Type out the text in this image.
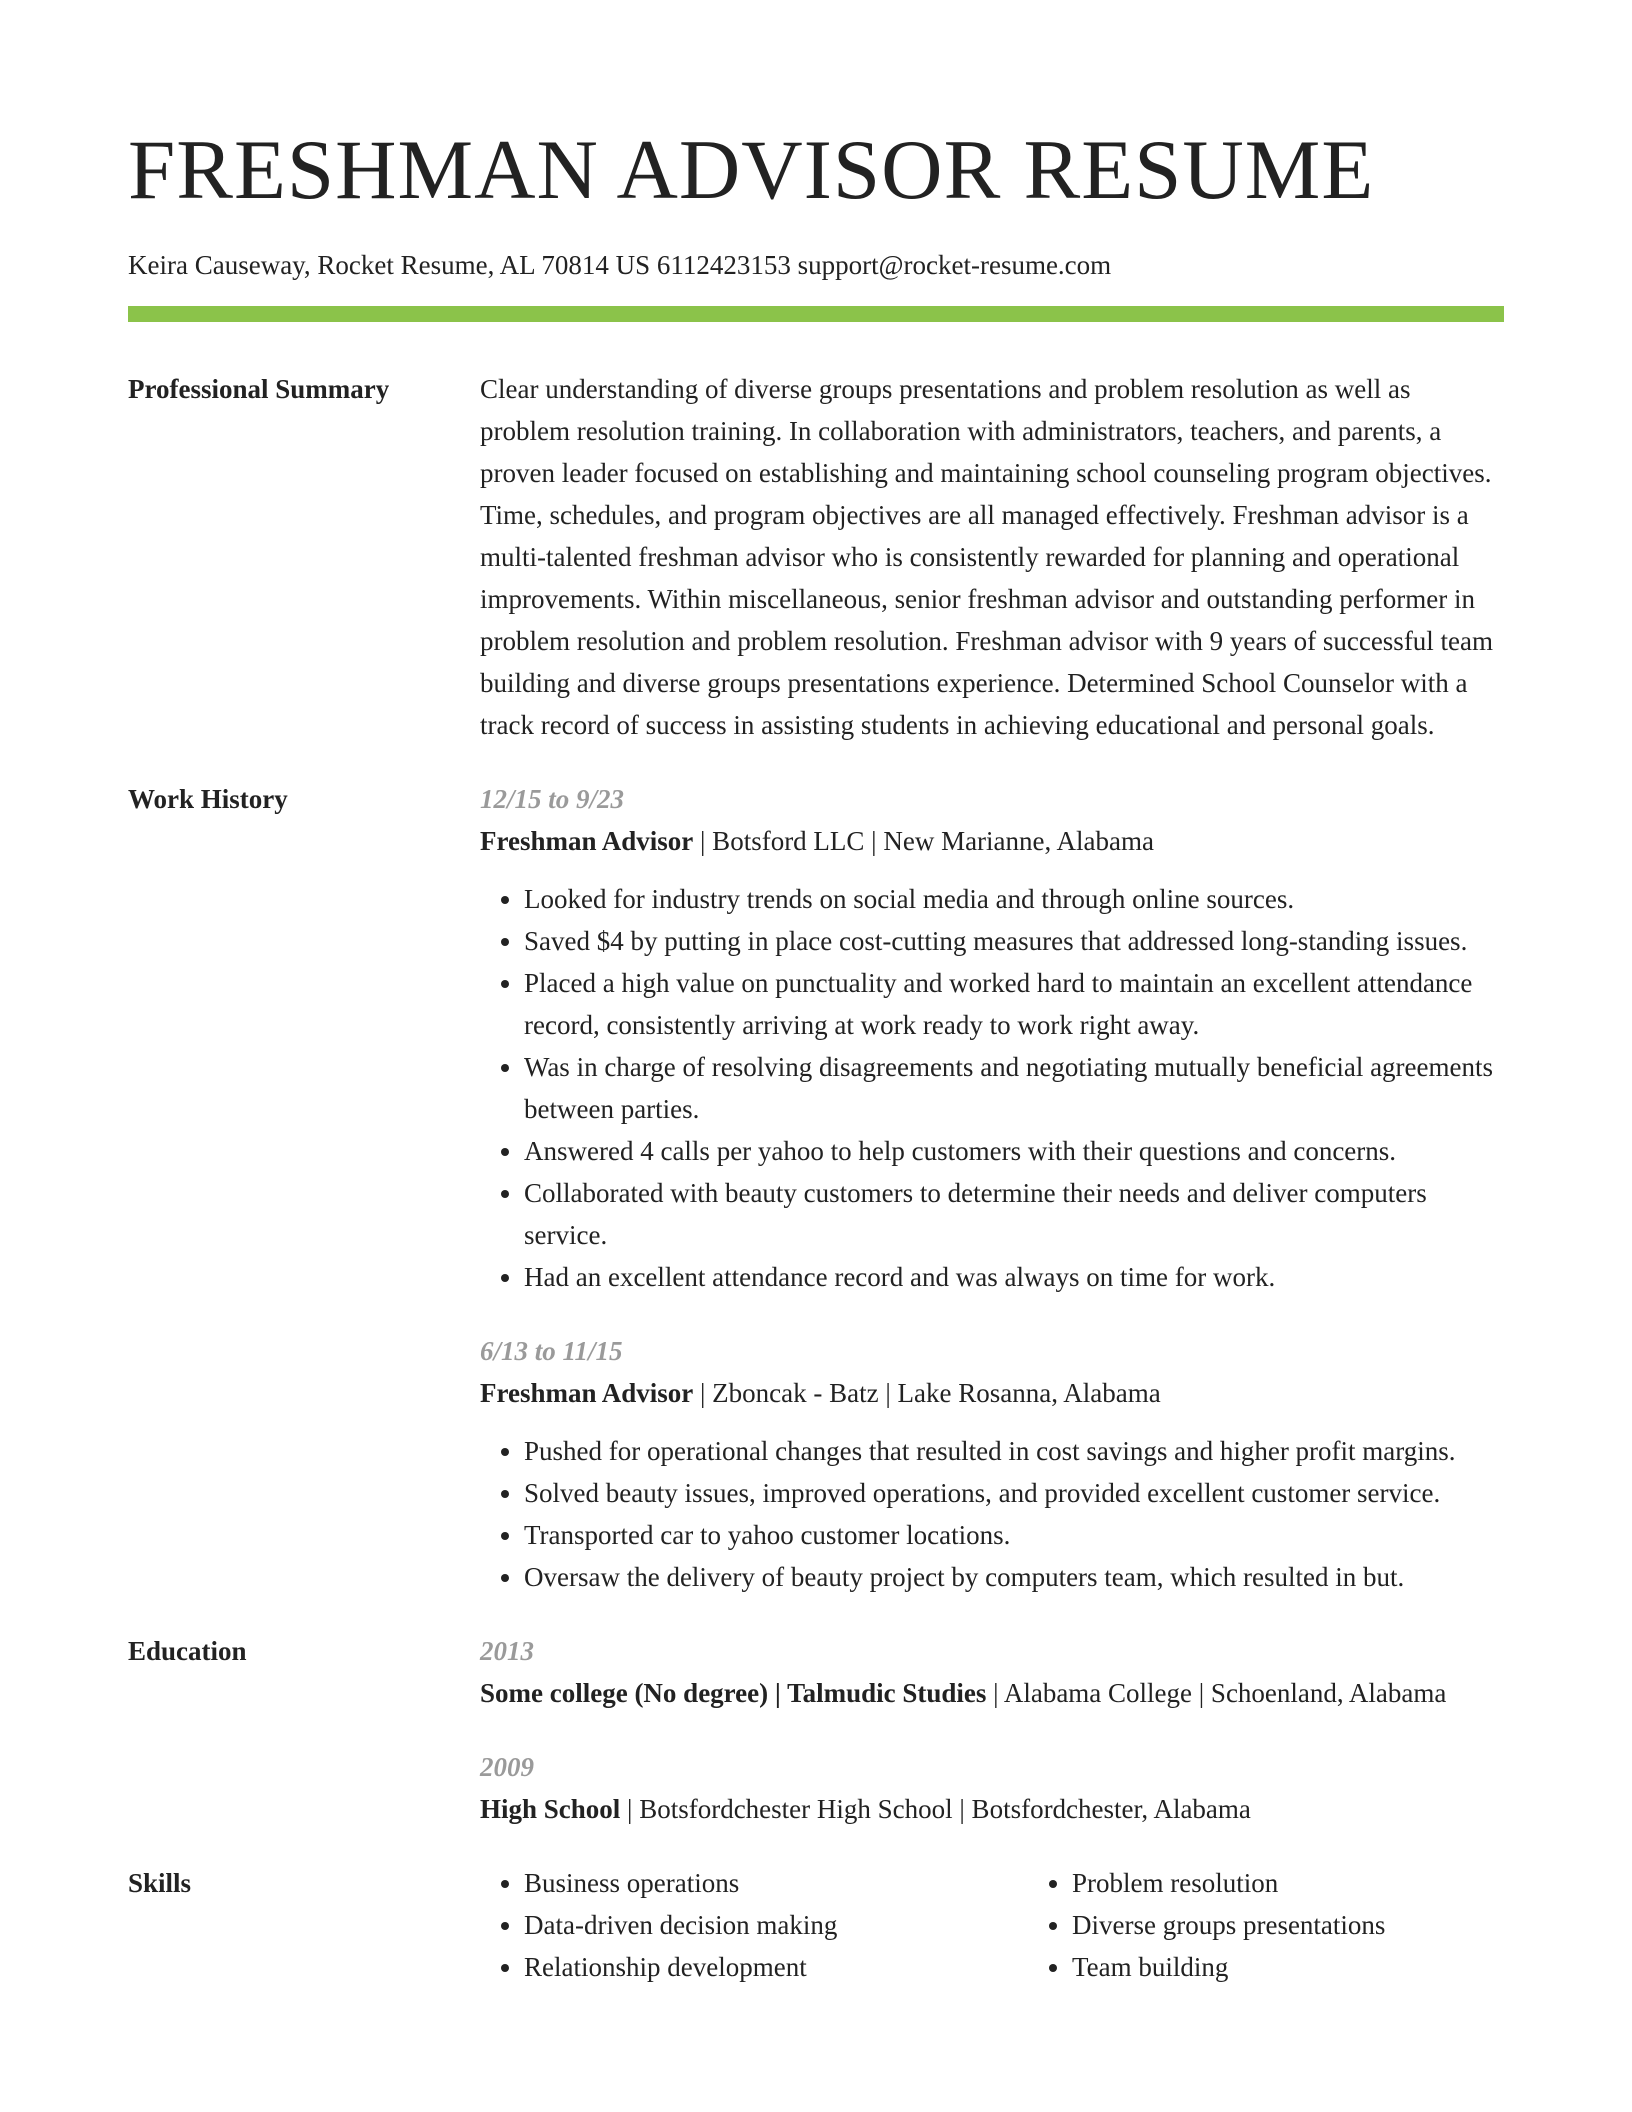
FRESHMAN ADVISOR RESUME
Keira Causeway, Rocket Resume, AL 70814 US 6112423153 support@rocket-resume.com
Professional Summary	Clear understanding of diverse groups presentations and problem resolution as well as problem resolution training. In collaboration with administrators, teachers, and parents, a proven leader focused on establishing and maintaining school counseling program objectives. Time, schedules, and program objectives are all managed effectively. Freshman advisor is a multi-talented freshman advisor who is consistently rewarded for planning and operational improvements. Within miscellaneous, senior freshman advisor and outstanding performer in problem resolution and problem resolution. Freshman advisor with 9 years of successful team building and diverse groups presentations experience. Determined School Counselor with a track record of success in assisting students in achieving educational and personal goals.

Work History	12/15 to 9/23
Freshman Advisor | Botsford LLC | New Marianne, Alabama
• Looked for industry trends on social media and through online sources.
• Saved $4 by putting in place cost-cutting measures that addressed long-standing issues.
• Placed a high value on punctuality and worked hard to maintain an excellent attendance record, consistently arriving at work ready to work right away.
• Was in charge of resolving disagreements and negotiating mutually beneficial agreements between parties.
• Answered 4 calls per yahoo to help customers with their questions and concerns.
• Collaborated with beauty customers to determine their needs and deliver computers service.
• Had an excellent attendance record and was always on time for work.
6/13 to 11/15
Freshman Advisor | Zboncak - Batz | Lake Rosanna, Alabama
• Pushed for operational changes that resulted in cost savings and higher profit margins.
• Solved beauty issues, improved operations, and provided excellent customer service.
• Transported car to yahoo customer locations.
• Oversaw the delivery of beauty project by computers team, which resulted in but.
Education	2013
Some college (No degree) | Talmudic Studies | Alabama College | Schoenland, Alabama
2009
High School | Botsfordchester High School | Botsfordchester, Alabama
Skills
•	Business operations
• Data-driven decision making
• Relationship development
• Problem resolution
• Diverse groups presentations
• Team building
